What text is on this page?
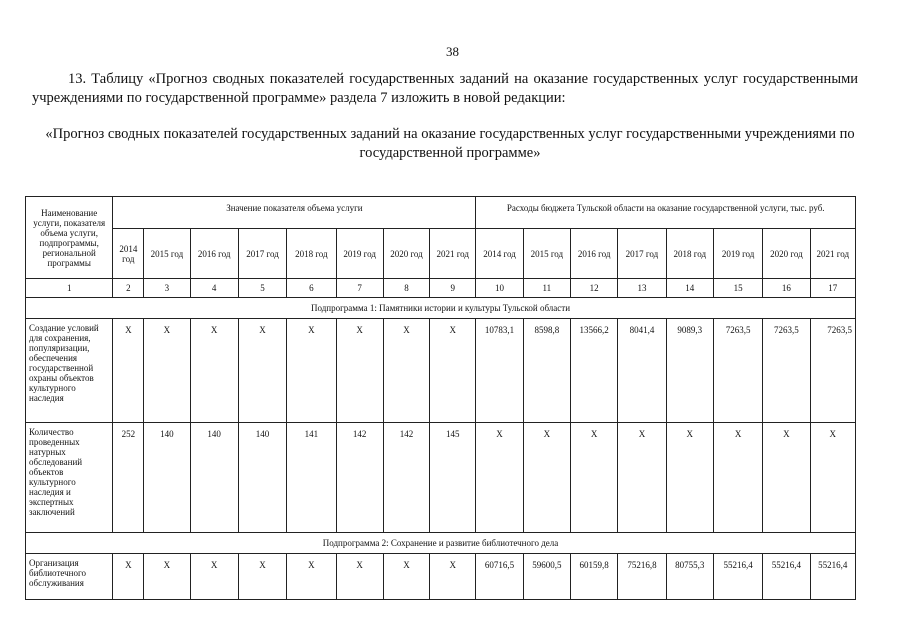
38
13. Таблицу «Прогноз сводных показателей государственных заданий на оказание государственных услуг государственными учреждениями по государственной программе» раздела 7 изложить в новой редакции:
«Прогноз сводных показателей государственных заданий на оказание государственных услуг государственными учреждениями по государственной программе»
Наименование услуги, показателя объема услуги, подпрограммы, региональной программы	Значение показателя объема услуги								Расходы бюджета Тульской области на оказание государственной услуги, тыс. руб.							
	2014 год	2015 год	2016 год	2017 год	2018 год	2019 год	2020 год	2021 год	2014 год	2015 год	2016 год	2017 год	2018 год	2019 год	2020 год	2021 год
1	2	3	4	5	6	7	8	9	10	11	12	13	14	15	16	17
Подпрограмма 1: Памятники истории и культуры Тульской области																
Создание условий для сохранения, популяризации, обеспечения государственной охраны объектов культурного наследия	Х	Х	Х	Х	Х	Х	Х	Х	10783,1	8598,8	13566,2	8041,4	9089,3	7263,5	7263,5	7263,5
Количество проведенных натурных обследований объектов культурного наследия и экспертных заключений	252	140	140	140	141	142	142	145	Х	Х	Х	Х	Х	Х	Х	Х
Подпрограмма 2: Сохранение и развитие библиотечного дела																
Организация библиотечного обслуживания	Х	Х	Х	Х	Х	Х	Х	Х	60716,5	59600,5	60159,8	75216,8	80755,3	55216,4	55216,4	55216,4
